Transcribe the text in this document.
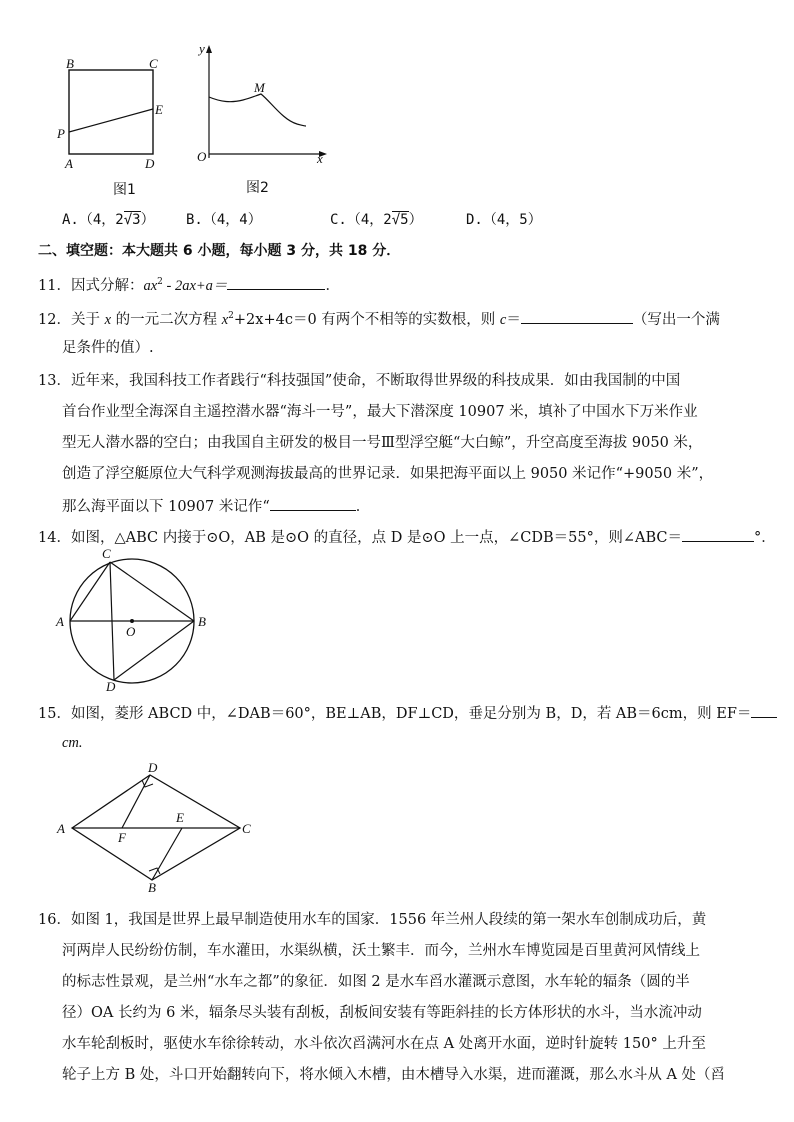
B	C
P
E
A	D
图1
y
M
O	x
图2
A.（4，2√3） B.（4，4）	C.（4，2√5）	D.（4，5）
二、填空题：本大题共 6 小题，每小题 3 分，共 18 分．
11．因式分解：$ax^2 - 2ax+a=$	．
12．关于 x 的一元二次方程 $x^2+2x+4c=0$ 有两个不相等的实数根，则 c＝	（写出一个满
足条件的值）.
13．近年来，我国科技工作者践行“科技强国”使命，不断取得世界级的科技成果．如由我国制的中国
首台作业型全海深自主遥控潜水器“海斗一号”，最大下潜深度 10907 米，填补了中国水下万米作业
型无人潜水器的空白；由我国自主研发的极目一号Ⅲ型浮空艇“大白鲸”，升空高度至海拔 9050 米，
创造了浮空艇原位大气科学观测海拔最高的世界记录．如果把海平面以上 9050 米记作“+9050 米”，
那么海平面以下 10907 米记作“	．
14．如图，△ABC 内接于⊙O，AB 是⊙O 的直径，点 D 是⊙O 上一点，∠CDB＝55°，则∠ABC＝	°．
C
A
O
B
D
15．如图，菱形 ABCD 中，∠DAB＝60°，BE⊥AB，DF⊥CD，垂足分别为 B，D，若 AB＝6cm，则 EF＝
cm.
D
A
F
E
C
B
16．如图 1，我国是世界上最早制造使用水车的国家．1556 年兰州人段续的第一架水车创制成功后，黄
河两岸人民纷纷仿制，车水灌田，水渠纵横，沃土繁丰．而今，兰州水车博览园是百里黄河风情线上
的标志性景观，是兰州“水车之都”的象征．如图 2 是水车舀水灌溉示意图，水车轮的辐条（圆的半
径）OA 长约为 6 米，辐条尽头装有刮板，刮板间安装有等距斜挂的长方体形状的水斗，当水流冲动
水车轮刮板时，驱使水车徐徐转动，水斗依次舀满河水在点 A 处离开水面，逆时针旋转 150° 上升至
轮子上方 B 处，斗口开始翻转向下，将水倾入木槽，由木槽导入水渠，进而灌溉，那么水斗从 A 处（舀
